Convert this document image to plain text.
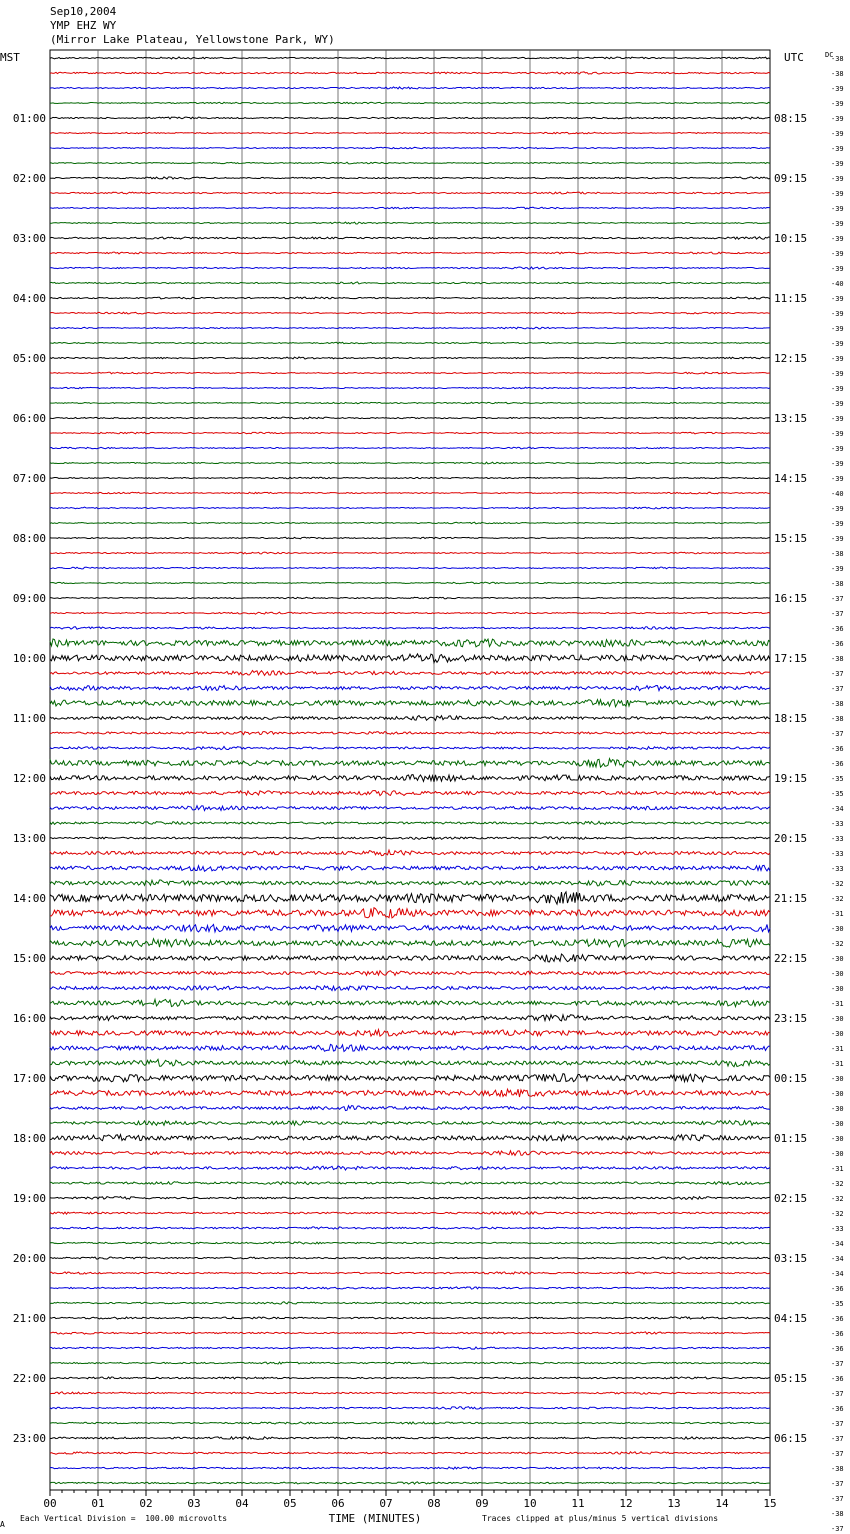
Sep10,2004
YMP EHZ WY
(Mirror Lake Plateau, Yellowstone Park, WY)
00	01	02	03	04	05	06	07	08	09	10	11	12	13	14	15
TIME (MINUTES)
MST	UTC	DC
01:00
02:00
03:00
04:00
05:00
06:00
07:00
08:00
09:00
10:00
11:00
12:00
13:00
14:00
15:00
16:00
17:00
18:00
19:00
20:00
21:00
22:00
23:00
08:15
09:15
10:15
11:15
12:15
13:15
14:15
15:15
16:15
17:15
18:15
19:15
20:15
21:15
22:15
23:15
00:15
01:15
02:15
03:15
04:15
05:15
06:15
-38
-38
-39
-39
-39
-39
-39
-39
-39
-39
-39
-39
-39
-39
-39
-40
-39
-39
-39
-39
-39
-39
-39
-39
-39
-39
-39
-39
-39
-40
-39
-39
-39
-38
-39
-38
-37
-37
-36
-36
-38
-37
-37
-38
-38
-37
-36
-36
-35
-35
-34
-33
-33
-33
-33
-32
-32
-31
-30
-32
-30
-30
-30
-31
-30
-30
-31
-31
-30
-30
-30
-30
-30
-30
-31
-32
-32
-32
-33
-34
-34
-34
-36
-35
-36
-36
-36
-37
-36
-37
-36
-37
-37
-37
-38
-37
-37
-38
-37
A
Each Vertical Division =  100.00 microvolts	Traces clipped at plus/minus 5 vertical divisions
